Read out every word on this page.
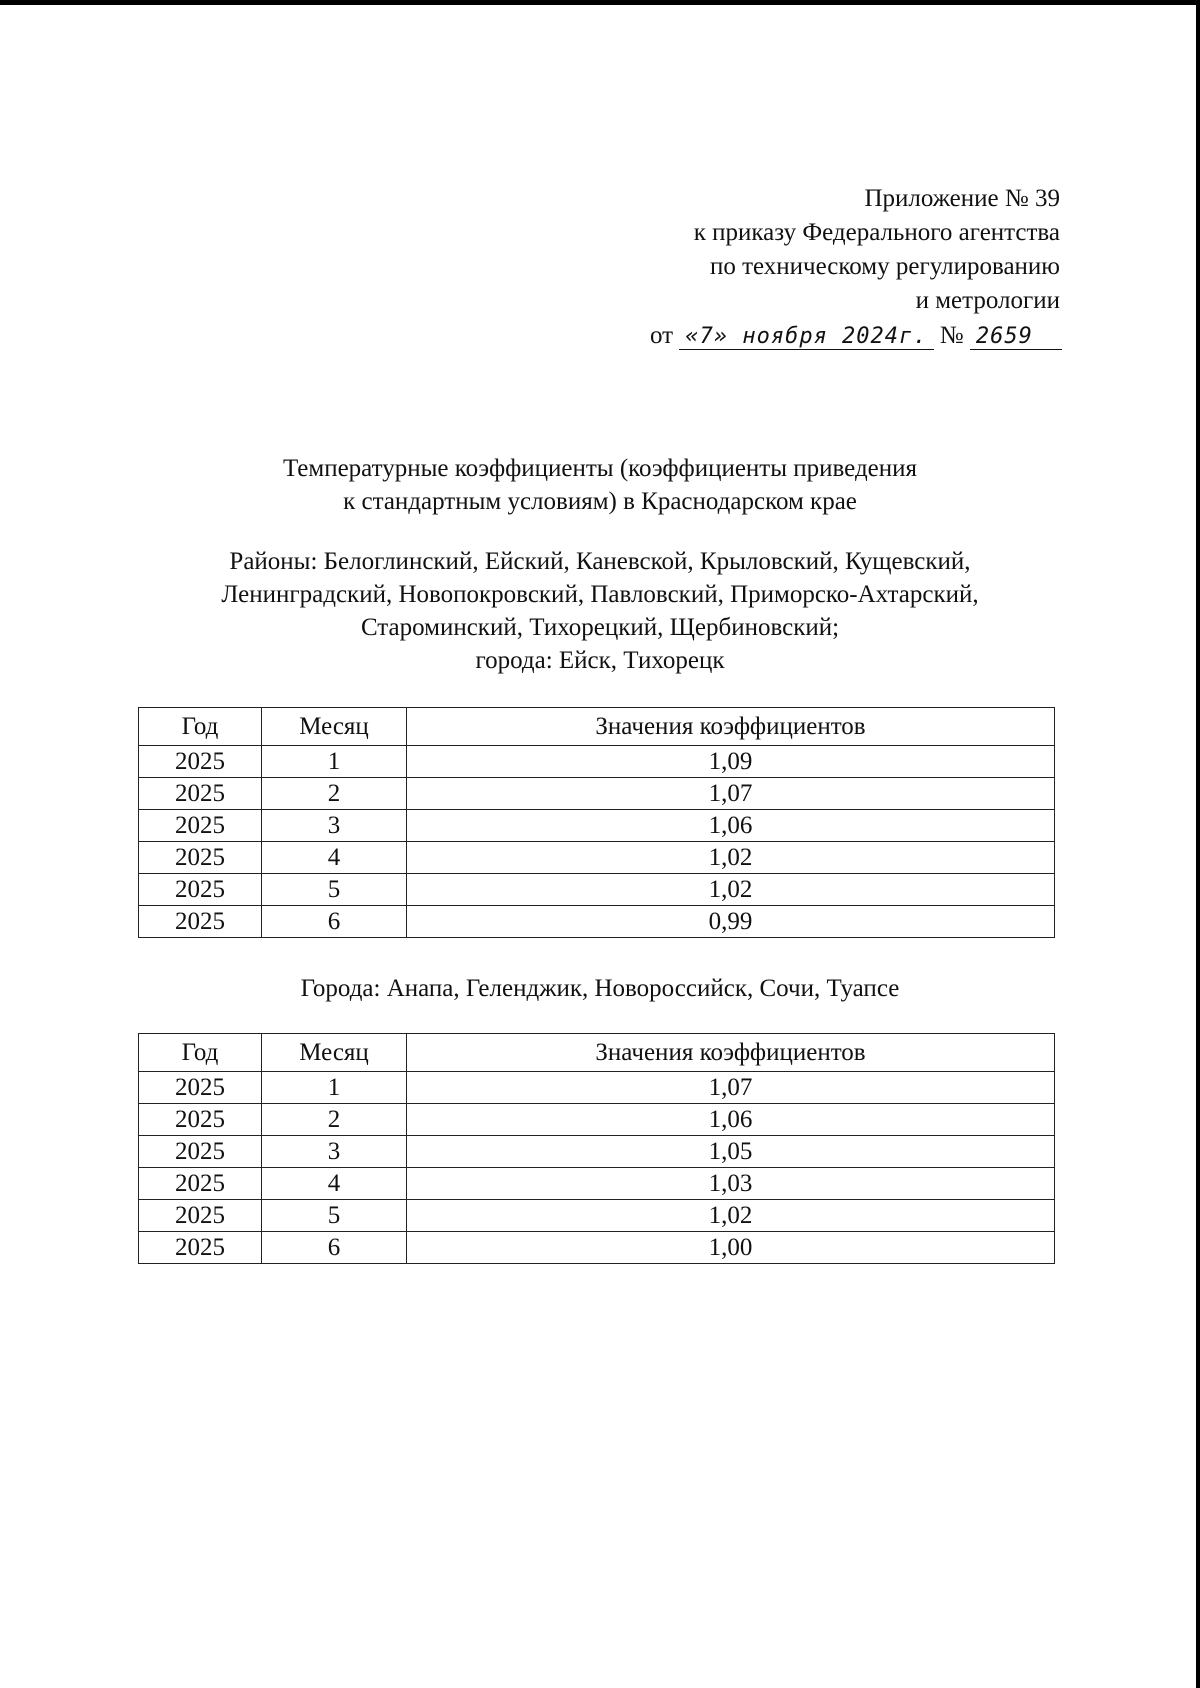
Приложение № 39
к приказу Федерального агентства
по техническому регулированию
и метрологии
от «7» ноября 2024г. № 2659
Температурные коэффициенты (коэффициенты приведения
к стандартным условиям) в Краснодарском крае
Районы: Белоглинский, Ейский, Каневской, Крыловский, Кущевский,
Ленинградский, Новопокровский, Павловский, Приморско-Ахтарский,
Староминский, Тихорецкий, Щербиновский;
города: Ейск, Тихорецк
Год	Месяц	Значения коэффициентов
2025	1	1,09
2025	2	1,07
2025	3	1,06
2025	4	1,02
2025	5	1,02
2025	6	0,99
Города: Анапа, Геленджик, Новороссийск, Сочи, Туапсе
Год	Месяц	Значения коэффициентов
2025	1	1,07
2025	2	1,06
2025	3	1,05
2025	4	1,03
2025	5	1,02
2025	6	1,00
